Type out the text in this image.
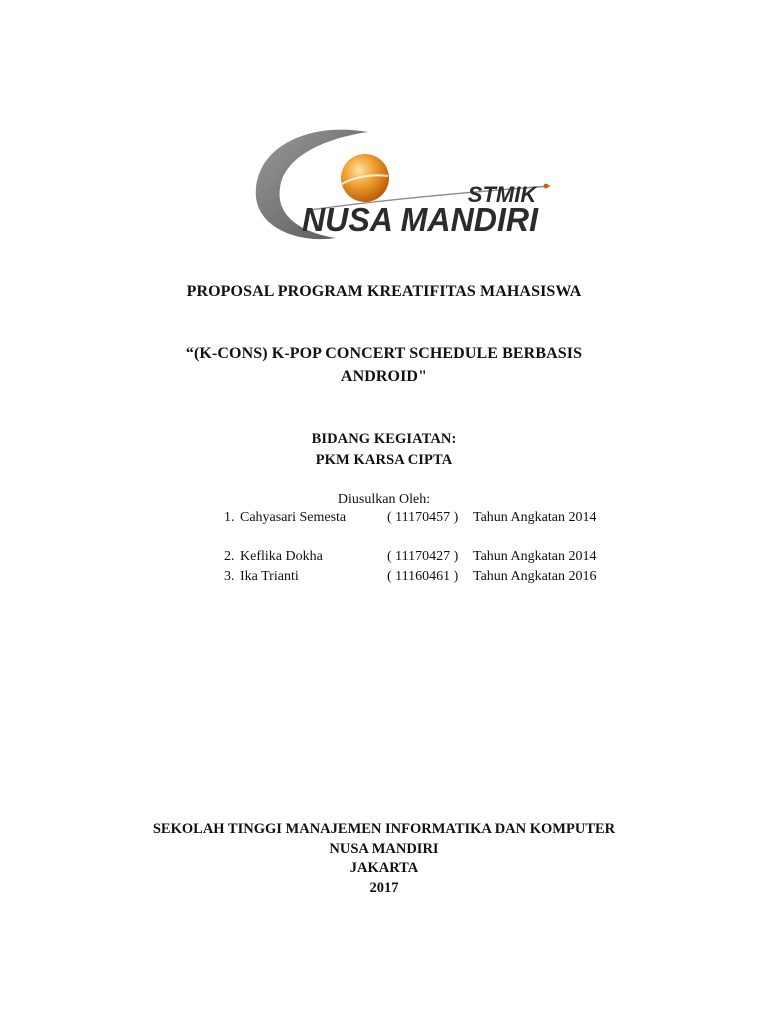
STMIK
NUSA MANDIRI
PROPOSAL PROGRAM KREATIFITAS MAHASISWA
“(K-CONS) K-POP CONCERT SCHEDULE BERBASIS
ANDROID"
BIDANG KEGIATAN:
PKM KARSA CIPTA
Diusulkan Oleh:
1. Cahyasari Semesta	( 11170457 ) Tahun Angkatan 2014
2. Keflika Dokha	( 11170427 ) Tahun Angkatan 2014
3. Ika Trianti	( 11160461 ) Tahun Angkatan 2016
SEKOLAH TINGGI MANAJEMEN INFORMATIKA DAN KOMPUTER
NUSA MANDIRI
JAKARTA
2017
